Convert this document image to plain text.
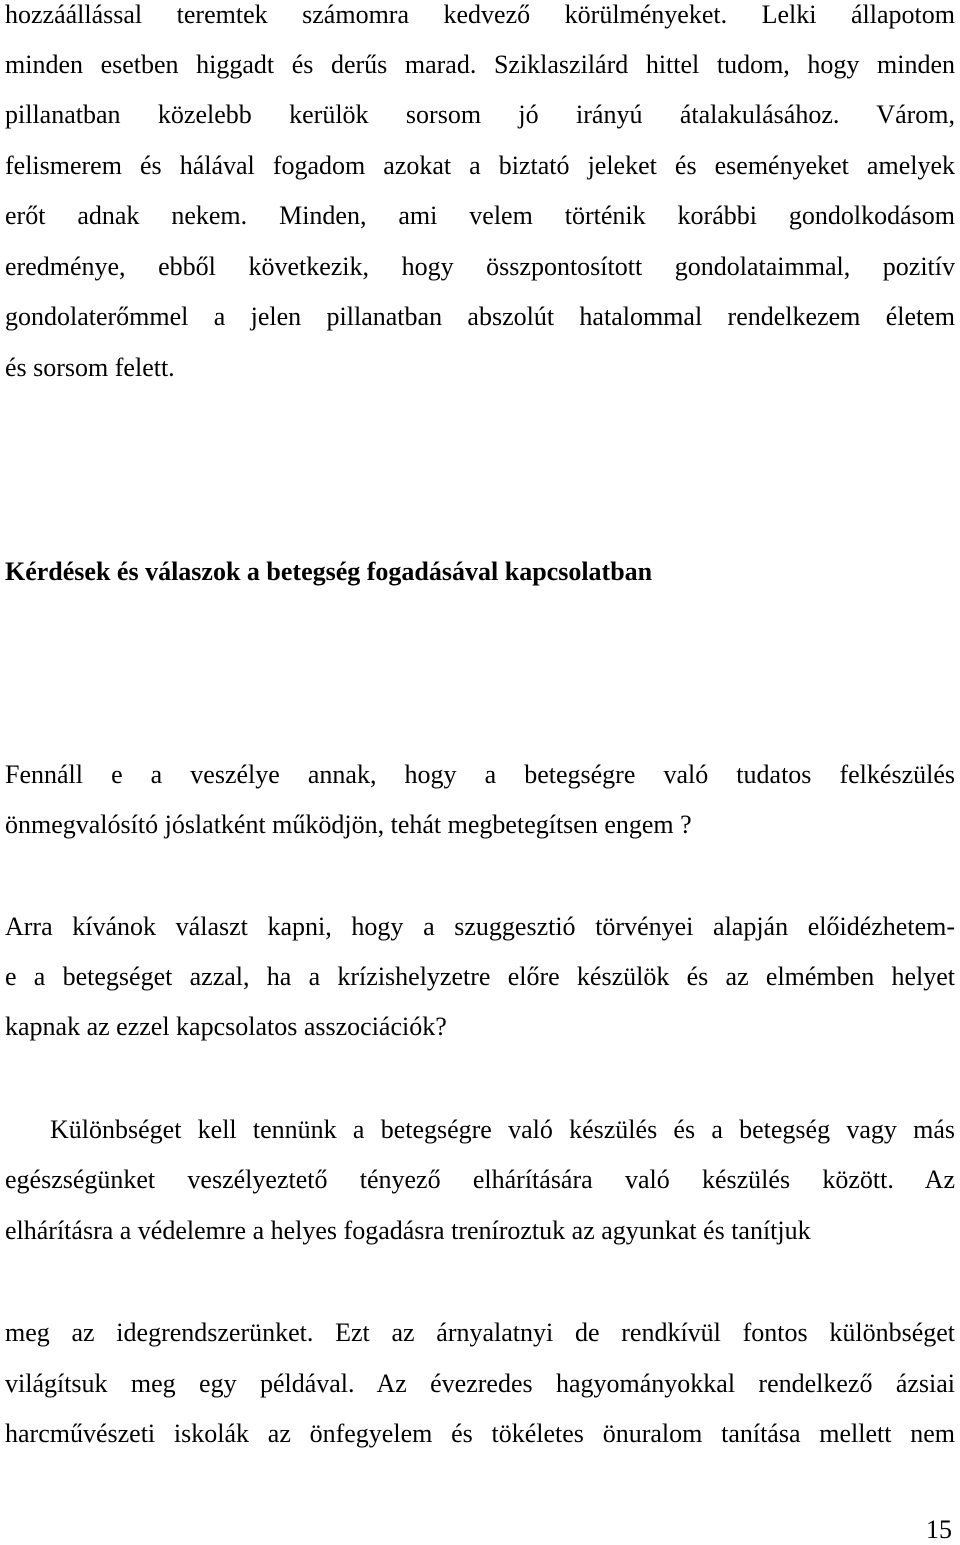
hozzáállással teremtek számomra kedvező körülményeket. Lelki állapotom
minden esetben higgadt és derűs marad. Sziklaszilárd hittel tudom, hogy minden
pillanatban közelebb kerülök sorsom jó irányú átalakulásához. Várom,
felismerem és hálával fogadom azokat a biztató jeleket és eseményeket amelyek
erőt adnak nekem. Minden, ami velem történik korábbi gondolkodásom
eredménye, ebből következik, hogy összpontosított gondolataimmal, pozitív
gondolaterőmmel a jelen pillanatban abszolút hatalommal rendelkezem életem
és sorsom felett.
Kérdések és válaszok a betegség fogadásával kapcsolatban
Fennáll e a veszélye annak, hogy a betegségre való tudatos felkészülés
önmegvalósító jóslatként működjön, tehát megbetegítsen engem ?
Arra kívánok választ kapni, hogy a szuggesztió törvényei alapján előidézhetem-
e a betegséget azzal, ha a krízishelyzetre előre készülök és az elmémben helyet
kapnak az ezzel kapcsolatos asszociációk?
Különbséget kell tennünk a betegségre való készülés és a betegség vagy más
egészségünket veszélyeztető tényező elhárítására való készülés között. Az
elhárításra a védelemre a helyes fogadásra treníroztuk az agyunkat és tanítjuk
meg az idegrendszerünket. Ezt az árnyalatnyi de rendkívül fontos különbséget
világítsuk meg egy példával. Az évezredes hagyományokkal rendelkező ázsiai
harcművészeti iskolák az önfegyelem és tökéletes önuralom tanítása mellett nem
15
